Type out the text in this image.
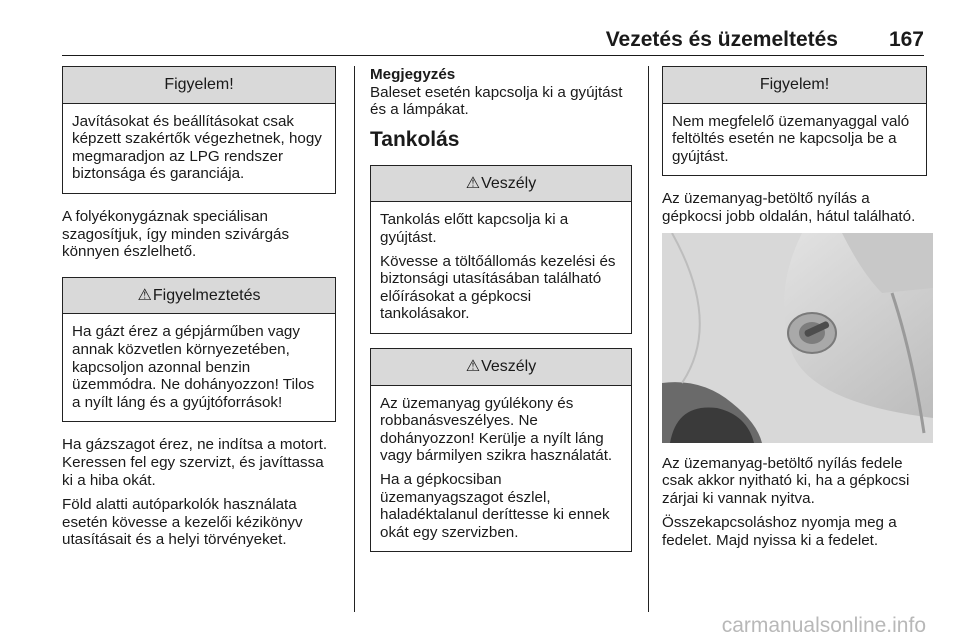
Vezetés és üzemeltetés 167
Figyelem!

Javításokat és beállításokat csak képzett szakértők végezhetnek, hogy megmaradjon az LPG rendszer biztonsága és garanciája.

A folyékonygáznak speciálisan szagosítjuk, így minden szivárgás könnyen észlelhető.

⚠Figyelmeztetés

Ha gázt érez a gépjárműben vagy annak közvetlen környezetében, kapcsoljon azonnal benzin üzemmódra. Ne dohányozzon! Tilos a nyílt láng és a gyújtóforrások!

Ha gázszagot érez, ne indítsa a motort. Keressen fel egy szervizt, és javíttassa ki a hiba okát.

Föld alatti autóparkolók használata esetén kövesse a kezelői kézikönyv utasításait és a helyi törvényeket.

Megjegyzés

Baleset esetén kapcsolja ki a gyújtást és a lámpákat.

Tankolás
⚠Veszély

Tankolás előtt kapcsolja ki a gyújtást.

Kövesse a töltőállomás kezelési és biztonsági utasításában található előírásokat a gépkocsi tankolásakor.

⚠Veszély

Az üzemanyag gyúlékony és robbanásveszélyes. Ne dohányozzon! Kerülje a nyílt láng vagy bármilyen szikra használatát.

Ha a gépkocsiban üzemanyagszagot észlel, haladéktalanul deríttesse ki ennek okát egy szervizben.

Figyelem!

Nem megfelelő üzemanyaggal való feltöltés esetén ne kapcsolja be a gyújtást.

Az üzemanyag-betöltő nyílás a gépkocsi jobb oldalán, hátul található.

Az üzemanyag-betöltő nyílás fedele csak akkor nyitható ki, ha a gépkocsi zárjai ki vannak nyitva.

Összekapcsoláshoz nyomja meg a fedelet. Majd nyissa ki a fedelet.

carmanualsonline.info
